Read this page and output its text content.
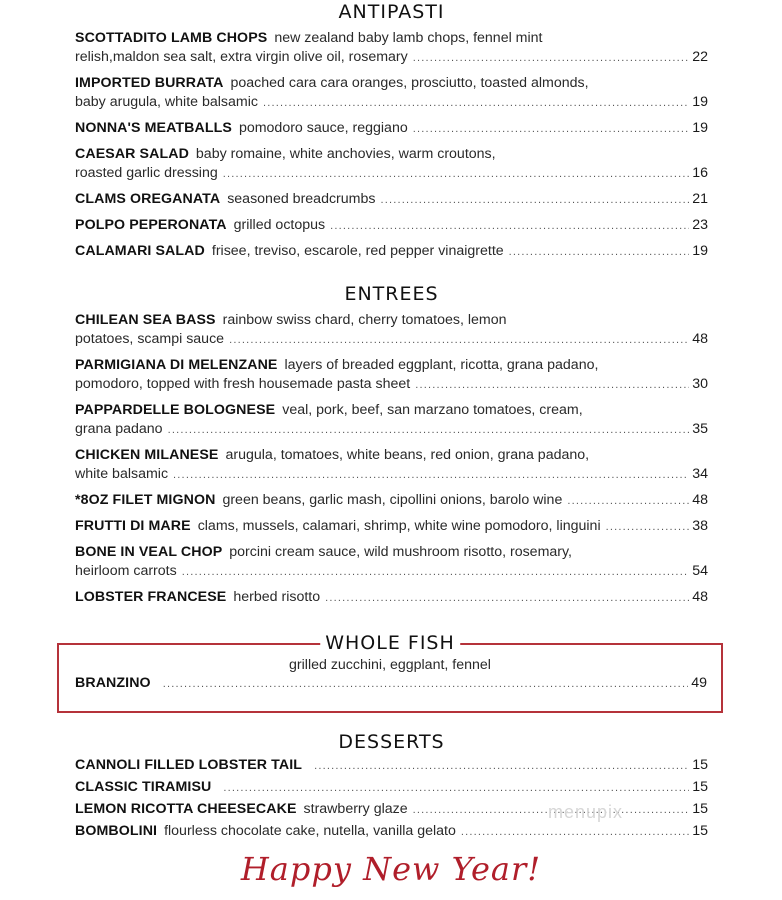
ANTIPASTI
SCOTTADITO LAMB CHOPS new zealand baby lamb chops, fennel mint
relish,maldon sea salt, extra virgin olive oil, rosemary .....	22
IMPORTED BURRATA poached cara cara oranges, prosciutto, toasted almonds,
baby arugula, white balsamic .....	19
NONNA'S MEATBALLS pomodoro sauce, reggiano .....	19
CAESAR SALAD baby romaine, white anchovies, warm croutons,
roasted garlic dressing .....	16
CLAMS OREGANATA seasoned breadcrumbs .....	21
POLPO PEPERONATA grilled octopus .....	23
CALAMARI SALAD frisee, treviso, escarole, red pepper vinaigrette .....	19
ENTREES
CHILEAN SEA BASS rainbow swiss chard, cherry tomatoes, lemon
potatoes, scampi sauce .....	48
PARMIGIANA DI MELENZANE layers of breaded eggplant, ricotta, grana padano,
pomodoro, topped with fresh housemade pasta sheet .....	30
PAPPARDELLE BOLOGNESE veal, pork, beef, san marzano tomatoes, cream,
grana padano .....	35
CHICKEN MILANESE arugula, tomatoes, white beans, red onion, grana padano,
white balsamic .....	34
*8OZ FILET MIGNON green beans, garlic mash, cipollini onions, barolo wine .....	48
FRUTTI DI MARE clams, mussels, calamari, shrimp, white wine pomodoro, linguini .....	38
BONE IN VEAL CHOP porcini cream sauce, wild mushroom risotto, rosemary,
heirloom carrots .....	54
LOBSTER FRANCESE herbed risotto .....	48
DESSERTS
CANNOLI FILLED LOBSTER TAIL .....	15
CLASSIC TIRAMISU .....	15
LEMON RICOTTA CHEESECAKE strawberry glaze .....	15
BOMBOLINI flourless chocolate cake, nutella, vanilla gelato .....	15
WHOLE FISH
grilled zucchini, eggplant, fennel
BRANZINO .....	49
menupix
Happy New Year!
